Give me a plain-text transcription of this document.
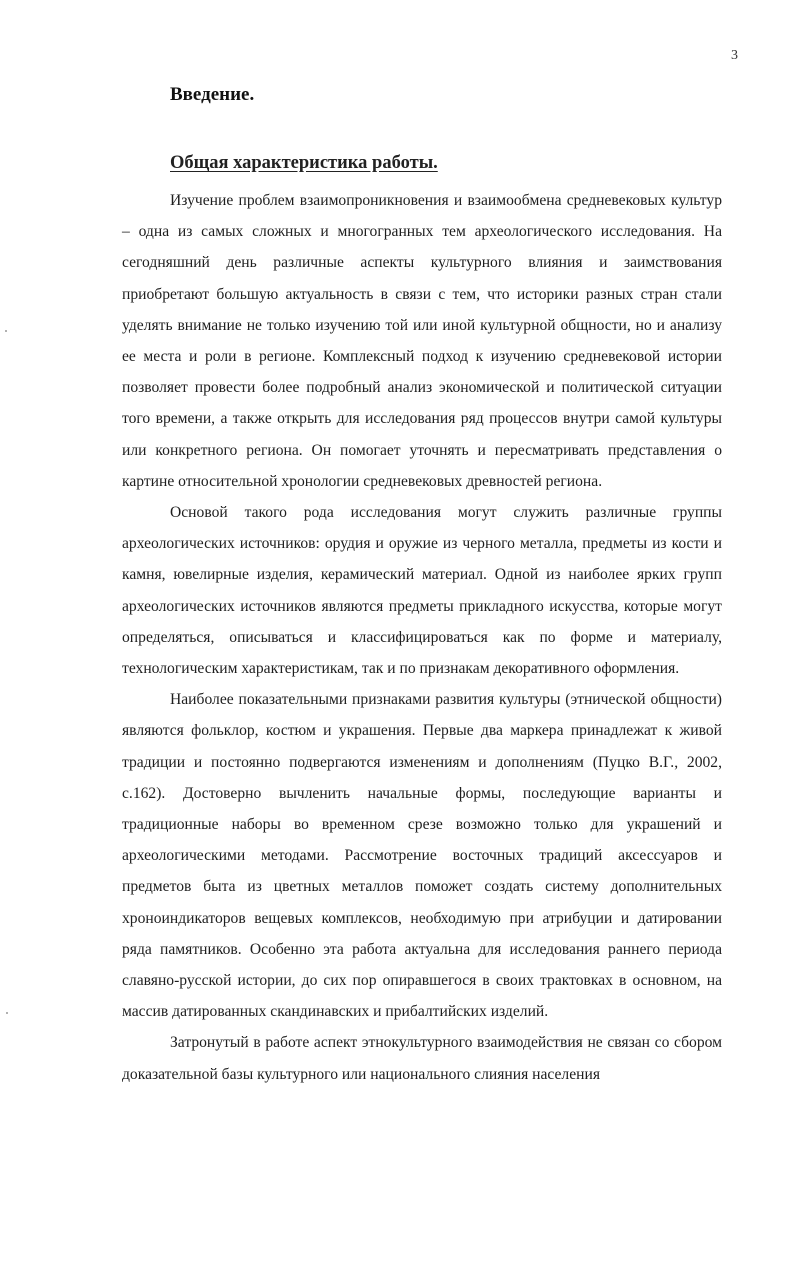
3
Введение.
Общая характеристика работы.

Изучение проблем взаимопроникновения и взаимообмена средневековых культур – одна из самых сложных и многогранных тем археологического исследования. На сегодняшний день различные аспекты культурного влияния и заимствования приобретают большую актуальность в связи с тем, что историки разных стран стали уделять внимание не только изучению той или иной культурной общности, но и анализу ее места и роли в регионе. Комплексный подход к изучению средневековой истории позволяет провести более подробный анализ экономической и политической ситуации того времени, а также открыть для исследования ряд процессов внутри самой культуры или конкретного региона. Он помогает уточнять и пересматривать представления о картине относительной хронологии средневековых древностей региона.

Основой такого рода исследования могут служить различные группы археологических источников: орудия и оружие из черного металла, предметы из кости и камня, ювелирные изделия, керамический материал. Одной из наиболее ярких групп археологических источников являются предметы прикладного искусства, которые могут определяться, описываться и классифицироваться как по форме и материалу, технологическим характеристикам, так и по признакам декоративного оформления.

Наиболее показательными признаками развития культуры (этнической общности) являются фольклор, костюм и украшения. Первые два маркера принадлежат к живой традиции и постоянно подвергаются изменениям и дополнениям (Пуцко В.Г., 2002, с.162). Достоверно вычленить начальные формы, последующие варианты и традиционные наборы во временном срезе возможно только для украшений и археологическими методами. Рассмотрение восточных традиций аксессуаров и предметов быта из цветных металлов поможет создать систему дополнительных хроноиндикаторов вещевых комплексов, необходимую при атрибуции и датировании ряда памятников. Особенно эта работа актуальна для исследования раннего периода славяно-русской истории, до сих пор опиравшегося в своих трактовках в основном, на массив датированных скандинавских и прибалтийских изделий.

Затронутый в работе аспект этнокультурного взаимодействия не связан со сбором доказательной базы культурного или национального слияния населения
